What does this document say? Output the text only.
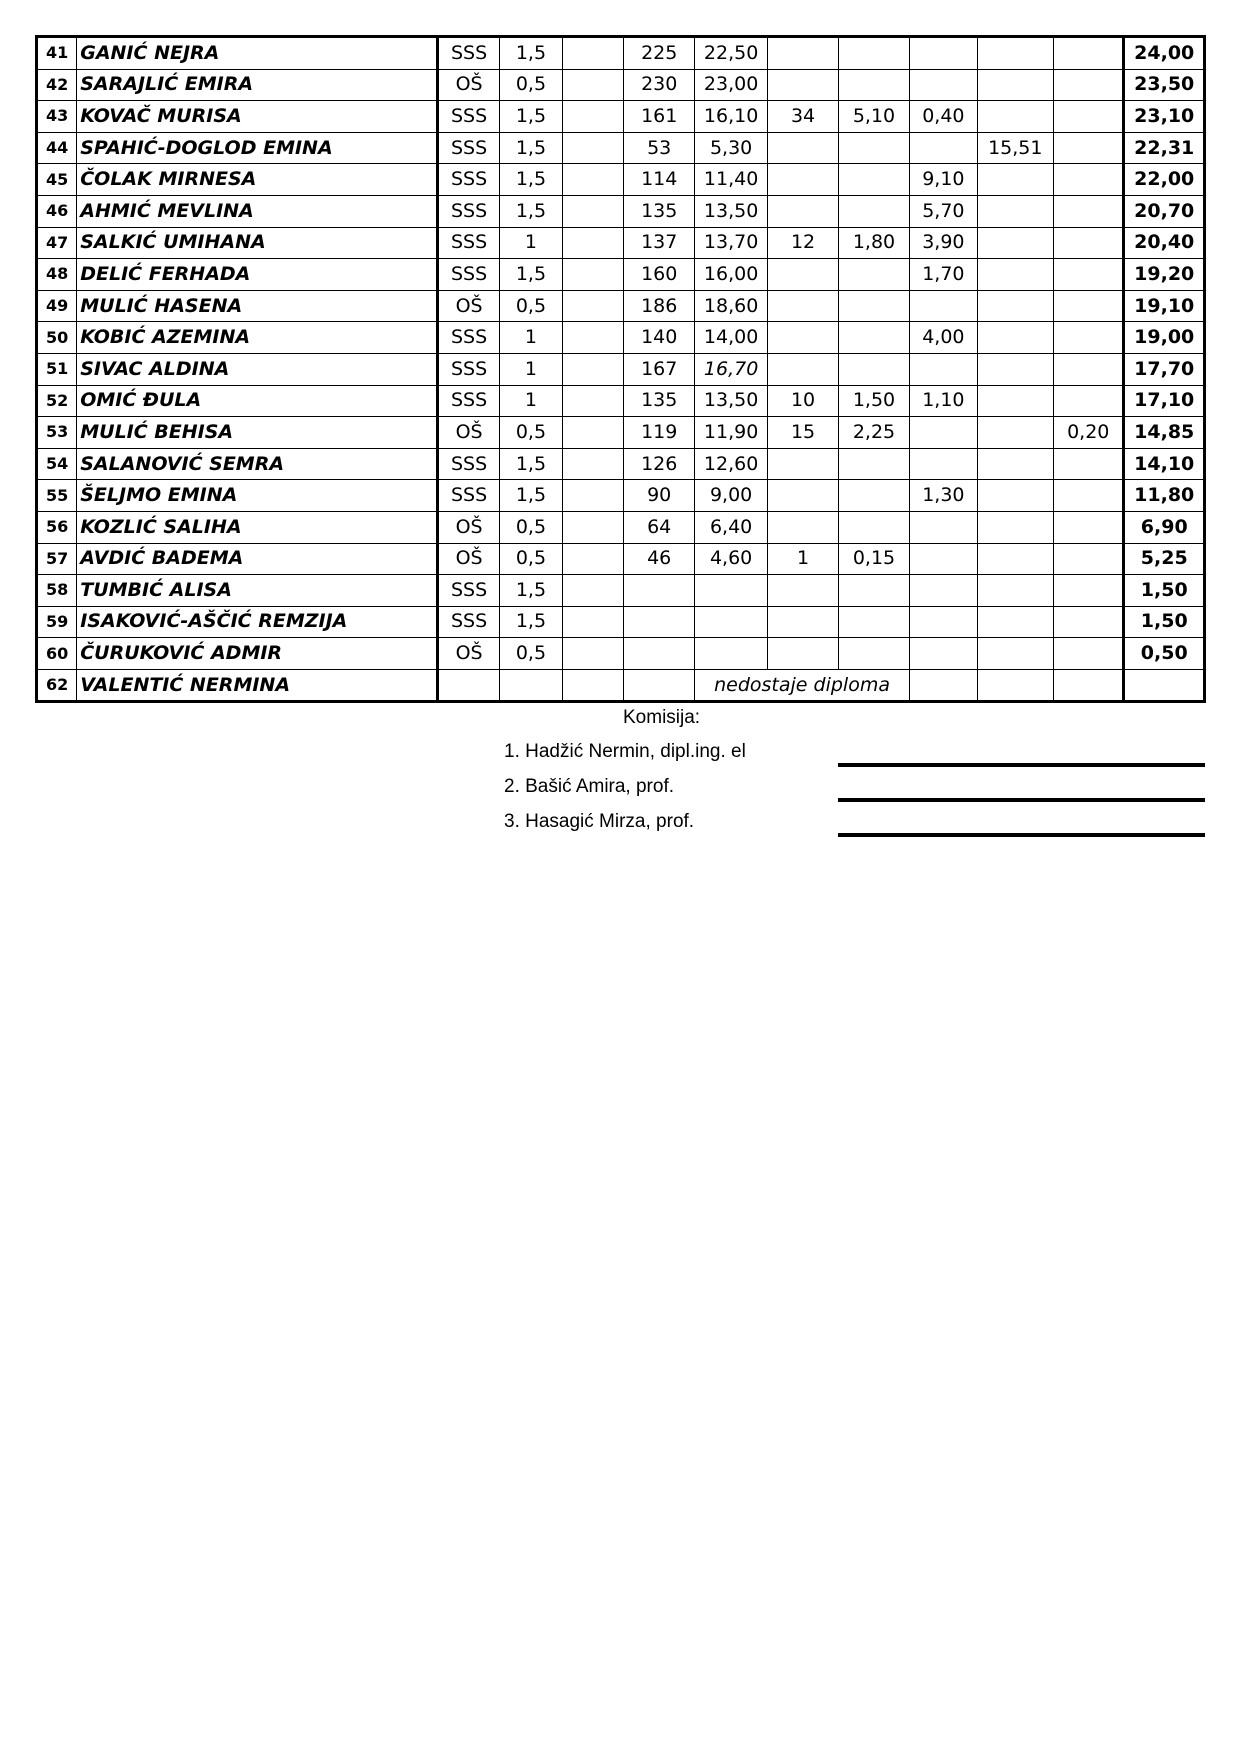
41	GANIĆ NEJRA	SSS	1,5		225	22,50						24,00
42	SARAJLIĆ EMIRA	OŠ	0,5		230	23,00						23,50
43	KOVAČ MURISA	SSS	1,5		161	16,10	34	5,10	0,40			23,10
44	SPAHIĆ-DOGLOD EMINA	SSS	1,5		53	5,30				15,51		22,31
45	ČOLAK MIRNESA	SSS	1,5		114	11,40			9,10			22,00
46	AHMIĆ MEVLINA	SSS	1,5		135	13,50			5,70			20,70
47	SALKIĆ UMIHANA	SSS	1		137	13,70	12	1,80	3,90			20,40
48	DELIĆ FERHADA	SSS	1,5		160	16,00			1,70			19,20
49	MULIĆ HASENA	OŠ	0,5		186	18,60						19,10
50	KOBIĆ AZEMINA	SSS	1		140	14,00			4,00			19,00
51	SIVAC ALDINA	SSS	1		167	16,70						17,70
52	OMIĆ ĐULA	SSS	1		135	13,50	10	1,50	1,10			17,10
53	MULIĆ BEHISA	OŠ	0,5		119	11,90	15	2,25			0,20	14,85
54	SALANOVIĆ SEMRA	SSS	1,5		126	12,60						14,10
55	ŠELJMO EMINA	SSS	1,5		90	9,00			1,30			11,80
56	KOZLIĆ SALIHA	OŠ	0,5		64	6,40						6,90
57	AVDIĆ BADEMA	OŠ	0,5		46	4,60	1	0,15				5,25
58	TUMBIĆ ALISA	SSS	1,5									1,50
59	ISAKOVIĆ-AŠČIĆ REMZIJA	SSS	1,5									1,50
60	ČURUKOVIĆ ADMIR	OŠ	0,5									0,50
62	VALENTIĆ NERMINA					nedostaje diploma						
Komisija:
1. Hadžić Nermin, dipl.ing. el
2. Bašić Amira, prof.
3. Hasagić Mirza, prof.
